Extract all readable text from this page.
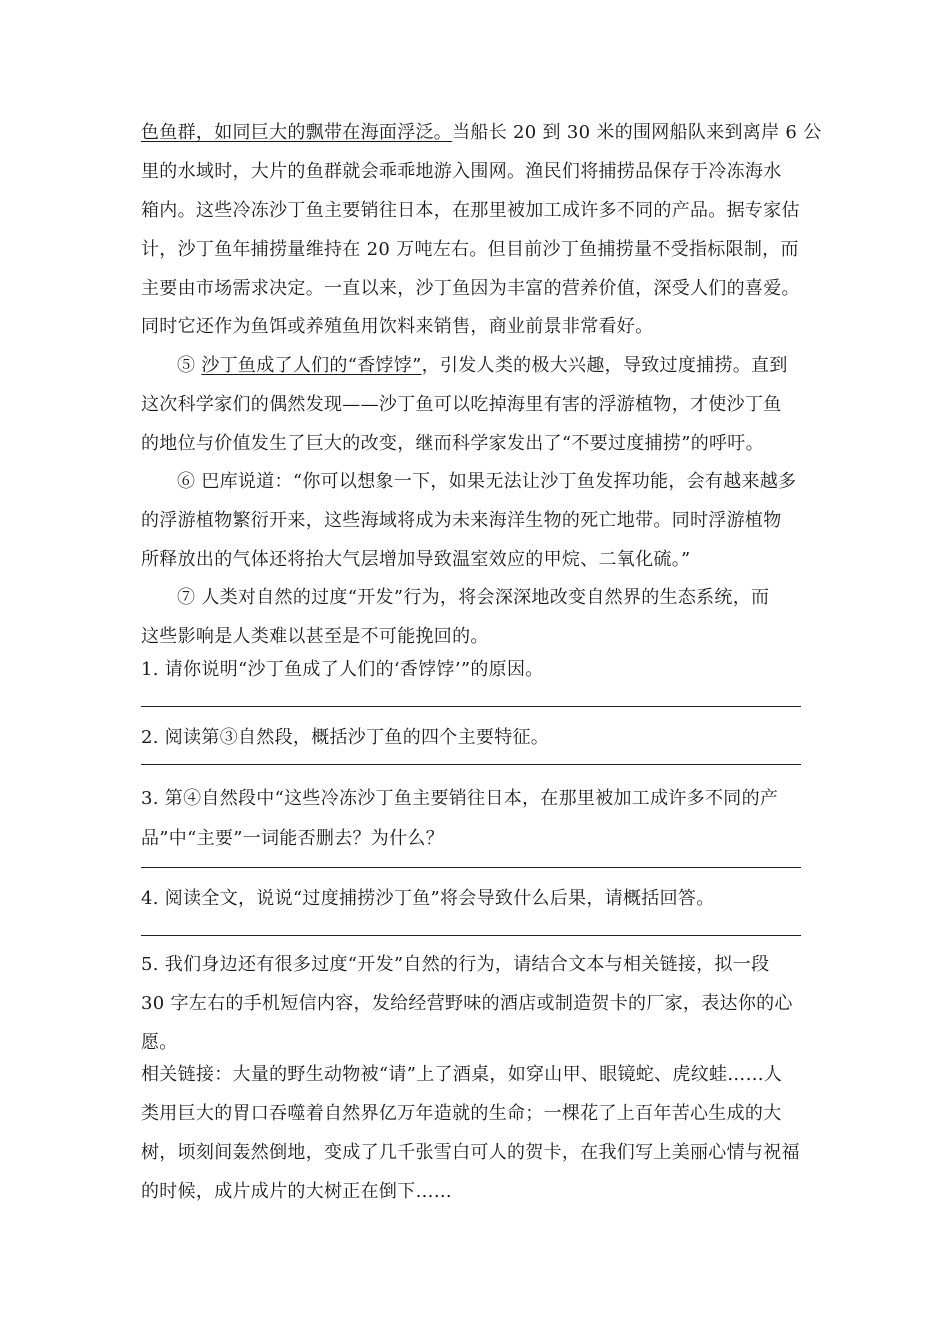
色鱼群，如同巨大的飘带在海面浮泛。当船长 20 到 30 米的围网船队来到离岸 6 公
里的水域时，大片的鱼群就会乖乖地游入围网。渔民们将捕捞品保存于冷冻海水
箱内。这些冷冻沙丁鱼主要销往日本，在那里被加工成许多不同的产品。据专家估
计，沙丁鱼年捕捞量维持在 20 万吨左右。但目前沙丁鱼捕捞量不受指标限制，而
主要由市场需求决定。一直以来，沙丁鱼因为丰富的营养价值，深受人们的喜爱。
同时它还作为鱼饵或养殖鱼用饮料来销售，商业前景非常看好。
⑤ 沙丁鱼成了人们的“香饽饽”，引发人类的极大兴趣，导致过度捕捞。直到
这次科学家们的偶然发现——沙丁鱼可以吃掉海里有害的浮游植物，才使沙丁鱼
的地位与价值发生了巨大的改变，继而科学家发出了“不要过度捕捞”的呼吁。
⑥ 巴库说道：“你可以想象一下，如果无法让沙丁鱼发挥功能，会有越来越多
的浮游植物繁衍开来，这些海域将成为未来海洋生物的死亡地带。同时浮游植物
所释放出的气体还将抬大气层增加导致温室效应的甲烷、二氧化硫。”
⑦ 人类对自然的过度“开发”行为，将会深深地改变自然界的生态系统，而
这些影响是人类难以甚至是不可能挽回的。
1. 请你说明“沙丁鱼成了人们的‘香饽饽’”的原因。
2. 阅读第③自然段，概括沙丁鱼的四个主要特征。
3. 第④自然段中“这些冷冻沙丁鱼主要销往日本，在那里被加工成许多不同的产
品”中“主要”一词能否删去？为什么？
4. 阅读全文，说说“过度捕捞沙丁鱼”将会导致什么后果，请概括回答。
5. 我们身边还有很多过度“开发”自然的行为，请结合文本与相关链接，拟一段
30 字左右的手机短信内容，发给经营野味的酒店或制造贺卡的厂家，表达你的心
愿。
相关链接：大量的野生动物被“请”上了酒桌，如穿山甲、眼镜蛇、虎纹蛙……人
类用巨大的胃口吞噬着自然界亿万年造就的生命；一棵花了上百年苦心生成的大
树，顷刻间轰然倒地，变成了几千张雪白可人的贺卡，在我们写上美丽心情与祝福
的时候，成片成片的大树正在倒下……
